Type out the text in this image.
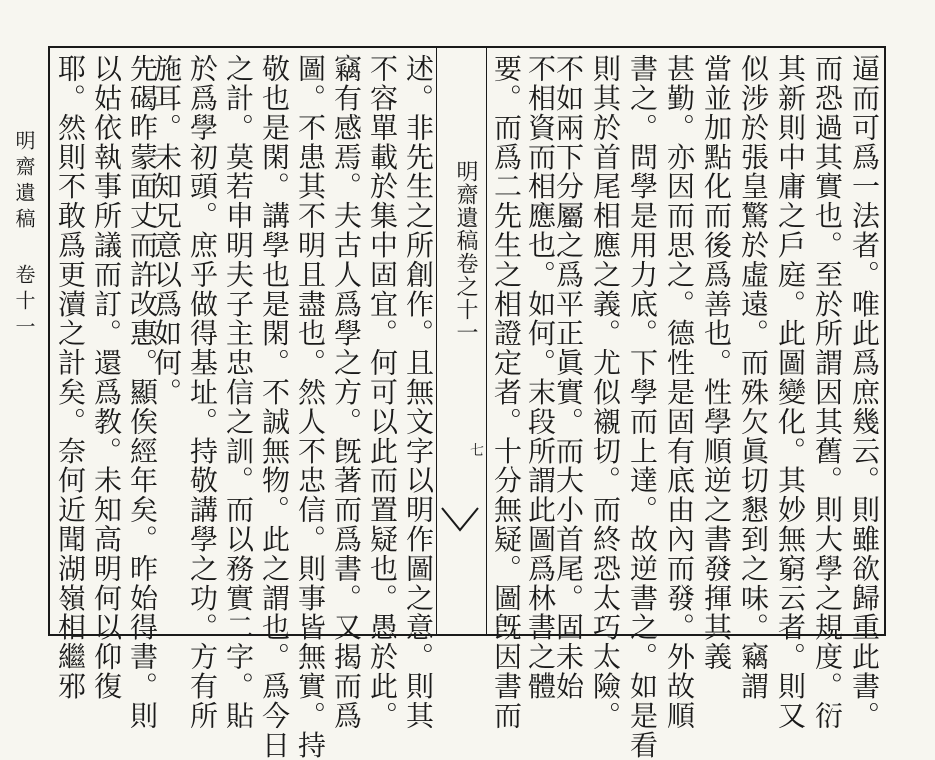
明齋遺稿 卷十一	明齋遺稿卷之十一
七	逼而可爲一法者。唯此爲庶幾云。則雖欲歸重此書。
而恐過其實也。至於所謂因其舊。則大學之規度。衍
其新則中庸之戶庭。此圖變化。其妙無窮云者。則又
似涉於張皇驚於虛遠。而殊欠眞切懇到之味。竊謂
當並加點化而後爲善也。性學順逆之書發揮其義
甚勤。亦因而思之。德性是固有底由內而發。外故順
書之。問學是用力底。下學而上達。故逆書之。如是看
則其於首尾相應之義。尤似襯切。而終恐太巧太險。
不如兩下分屬之爲平正眞實。而大小首尾。固未始
不相資而相應也。如何。末段所謂此圖爲林書之體
要。而爲二先生之相證定者。十分無疑。圖旣因書而
述。非先生之所創作。且無文字以明作圖之意。則其
不容單載於集中固宜。何可以此而置疑也。愚於此。
竊有感焉。夫古人爲學之方。旣著而爲書。又揭而爲
圖。不患其不明且盡也。然人不忠信。則事皆無實。持
敬也是閑。講學也是閑。不誠無物。此之謂也。爲今日
之計。莫若申明夫子主忠信之訓。而以務實二字。貼
於爲學初頭。庶乎做得基址。持敬講學之功。方有所
施耳。未知兄意以爲如何。
先碣昨蒙面丈而許改惠。顯俟經年矣。昨始得書。則
以姑依執事所議而訂。還爲教。未知高明何以仰復
耶。然則不敢爲更瀆之計矣。奈何近聞湖嶺相繼邪
